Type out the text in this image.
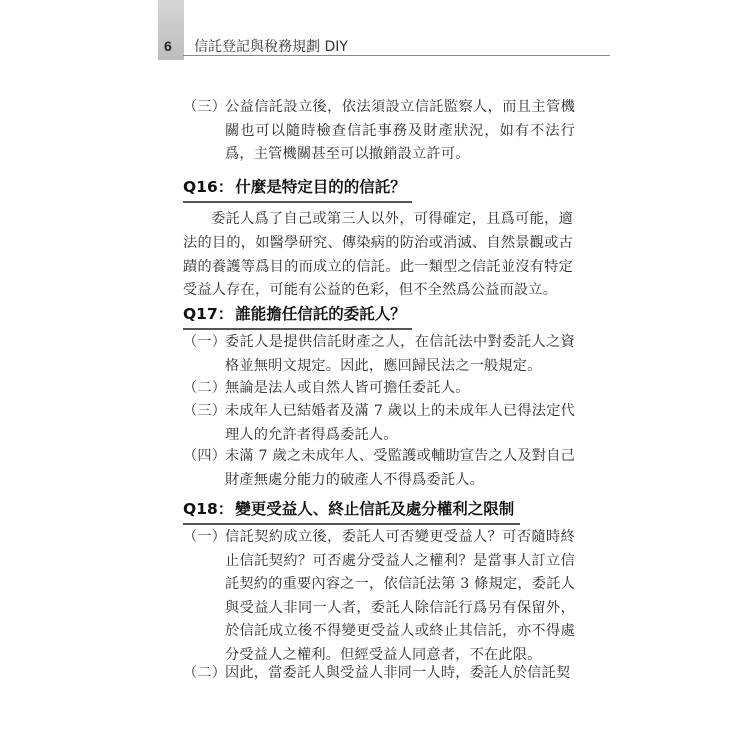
6 信託登記與稅務規劃 DIY
（三）
公益信託設立後，依法須設立信託監察人，而且主管機關也可以隨時檢查信託事務及財產狀況，如有不法行爲，主管機關甚至可以撤銷設立許可。
Q16： 什麼是特定目的的信託？
委託人爲了自己或第三人以外，可得確定，且爲可能，適法的目的，如醫學研究、傳染病的防治或消滅、自然景觀或古蹟的養護等爲目的而成立的信託。此一類型之信託並沒有特定受益人存在，可能有公益的色彩，但不全然爲公益而設立。
Q17： 誰能擔任信託的委託人？
（一）
委託人是提供信託財產之人，在信託法中對委託人之資格並無明文規定。因此，應回歸民法之一般規定。
（二）
無論是法人或自然人皆可擔任委託人。
（三）
未成年人已結婚者及滿 7 歲以上的未成年人已得法定代理人的允許者得爲委託人。
（四）
未滿 7 歲之未成年人、受監護或輔助宣告之人及對自己財產無處分能力的破產人不得爲委託人。
Q18： 變更受益人、終止信託及處分權利之限制
（一）
信託契約成立後，委託人可否變更受益人？可否隨時終止信託契約？可否處分受益人之權利？是當事人訂立信託契約的重要內容之一，依信託法第 3 條規定，委託人與受益人非同一人者，委託人除信託行爲另有保留外，於信託成立後不得變更受益人或終止其信託，亦不得處分受益人之權利。但經受益人同意者，不在此限。
（二）
因此，當委託人與受益人非同一人時，委託人於信託契
